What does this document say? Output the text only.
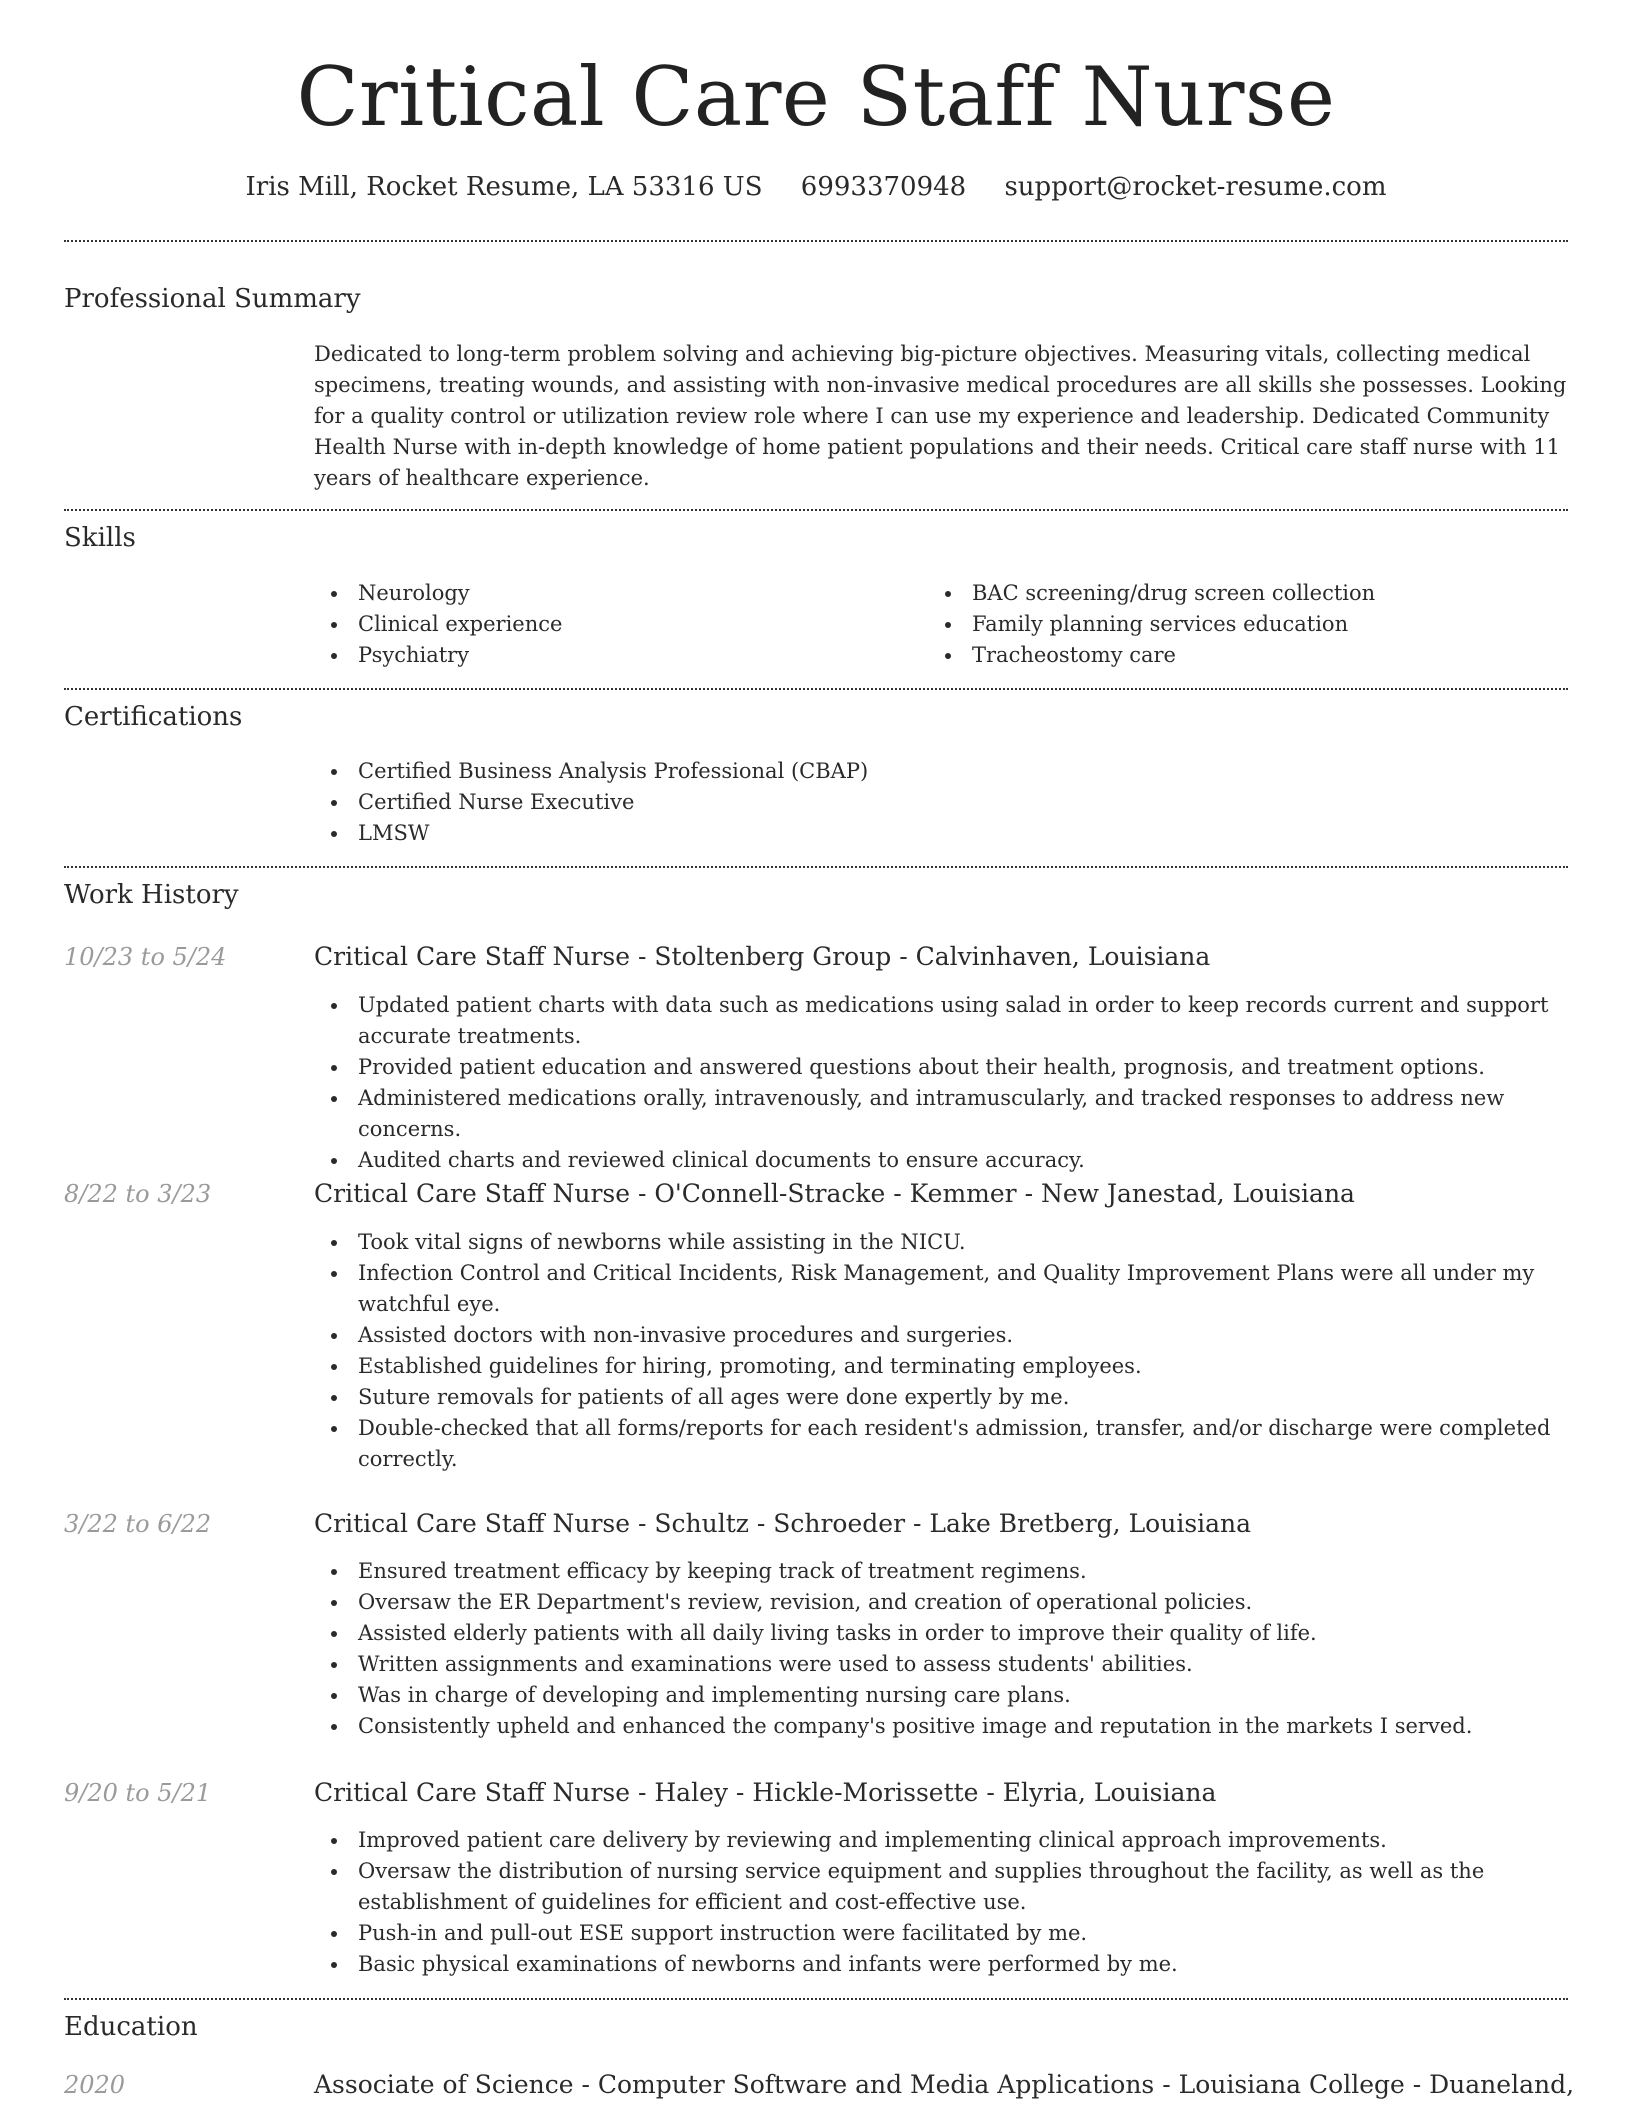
Critical Care Staff Nurse
Iris Mill, Rocket Resume, LA 53316 US 6993370948 support@rocket-resume.com
Professional Summary
Dedicated to long-term problem solving and achieving big-picture objectives. Measuring vitals, collecting medical specimens, treating wounds, and assisting with non-invasive medical procedures are all skills she possesses. Looking for a quality control or utilization review role where I can use my experience and leadership. Dedicated Community Health Nurse with in-depth knowledge of home patient populations and their needs. Critical care staff nurse with 11 years of healthcare experience.
Skills
Neurology
Clinical experience
Psychiatry
BAC screening/drug screen collection
Family planning services education
Tracheostomy care
Certifications
Certified Business Analysis Professional (CBAP)
Certified Nurse Executive
LMSW
Work History
10/23 to 5/24	Critical Care Staff Nurse - Stoltenberg Group - Calvinhaven, Louisiana
Updated patient charts with data such as medications using salad in order to keep records current and support accurate treatments.
Provided patient education and answered questions about their health, prognosis, and treatment options.
Administered medications orally, intravenously, and intramuscularly, and tracked responses to address new concerns.
Audited charts and reviewed clinical documents to ensure accuracy.
8/22 to 3/23	Critical Care Staff Nurse - O'Connell-Stracke - Kemmer - New Janestad, Louisiana
Took vital signs of newborns while assisting in the NICU.
Infection Control and Critical Incidents, Risk Management, and Quality Improvement Plans were all under my watchful eye.
Assisted doctors with non-invasive procedures and surgeries.
Established guidelines for hiring, promoting, and terminating employees.
Suture removals for patients of all ages were done expertly by me.
Double-checked that all forms/reports for each resident's admission, transfer, and/or discharge were completed correctly.
3/22 to 6/22	Critical Care Staff Nurse - Schultz - Schroeder - Lake Bretberg, Louisiana
Ensured treatment efficacy by keeping track of treatment regimens.
Oversaw the ER Department's review, revision, and creation of operational policies.
Assisted elderly patients with all daily living tasks in order to improve their quality of life.
Written assignments and examinations were used to assess students' abilities.
Was in charge of developing and implementing nursing care plans.
Consistently upheld and enhanced the company's positive image and reputation in the markets I served.
9/20 to 5/21	Critical Care Staff Nurse - Haley - Hickle-Morissette - Elyria, Louisiana
Improved patient care delivery by reviewing and implementing clinical approach improvements.
Oversaw the distribution of nursing service equipment and supplies throughout the facility, as well as the establishment of guidelines for efficient and cost-effective use.
Push-in and pull-out ESE support instruction were facilitated by me.
Basic physical examinations of newborns and infants were performed by me.
Education
2020	Associate of Science - Computer Software and Media Applications - Louisiana College - Duaneland,
